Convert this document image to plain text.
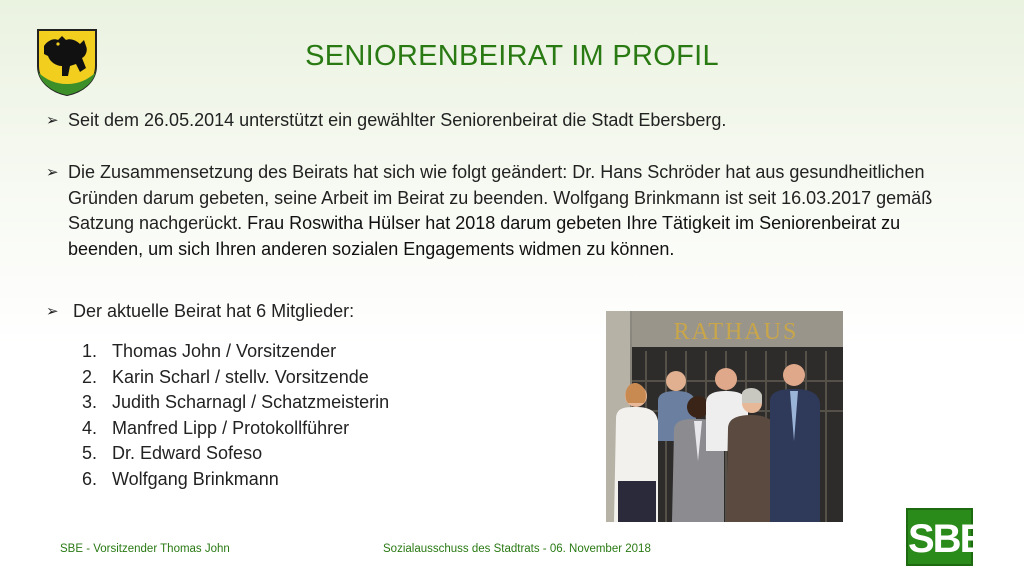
SENIORENBEIRAT IM PROFIL
➢ Seit dem 26.05.2014 unterstützt ein gewählter Seniorenbeirat die Stadt Ebersberg.
➢ Die Zusammensetzung des Beirats hat sich wie folgt geändert: Dr. Hans Schröder hat aus gesundheitlichen Gründen darum gebeten, seine Arbeit im Beirat zu beenden. Wolfgang Brinkmann ist seit 16.03.2017 gemäß Satzung nachgerückt. Frau Roswitha Hülser hat 2018 darum gebeten Ihre Tätigkeit im Seniorenbeirat zu beenden, um sich Ihren anderen sozialen Engagements widmen zu können.
➢ Der aktuelle Beirat hat 6 Mitglieder:
1. Thomas John / Vorsitzender
2. Karin Scharl / stellv. Vorsitzende
3. Judith Scharnagl / Schatzmeisterin
4. Manfred Lipp / Protokollführer
5. Dr. Edward Sofeso
6. Wolfgang Brinkmann
RATHAUS
SBE - Vorsitzender Thomas John	Sozialausschuss des Stadtrats - 06. November 2018	SBE
